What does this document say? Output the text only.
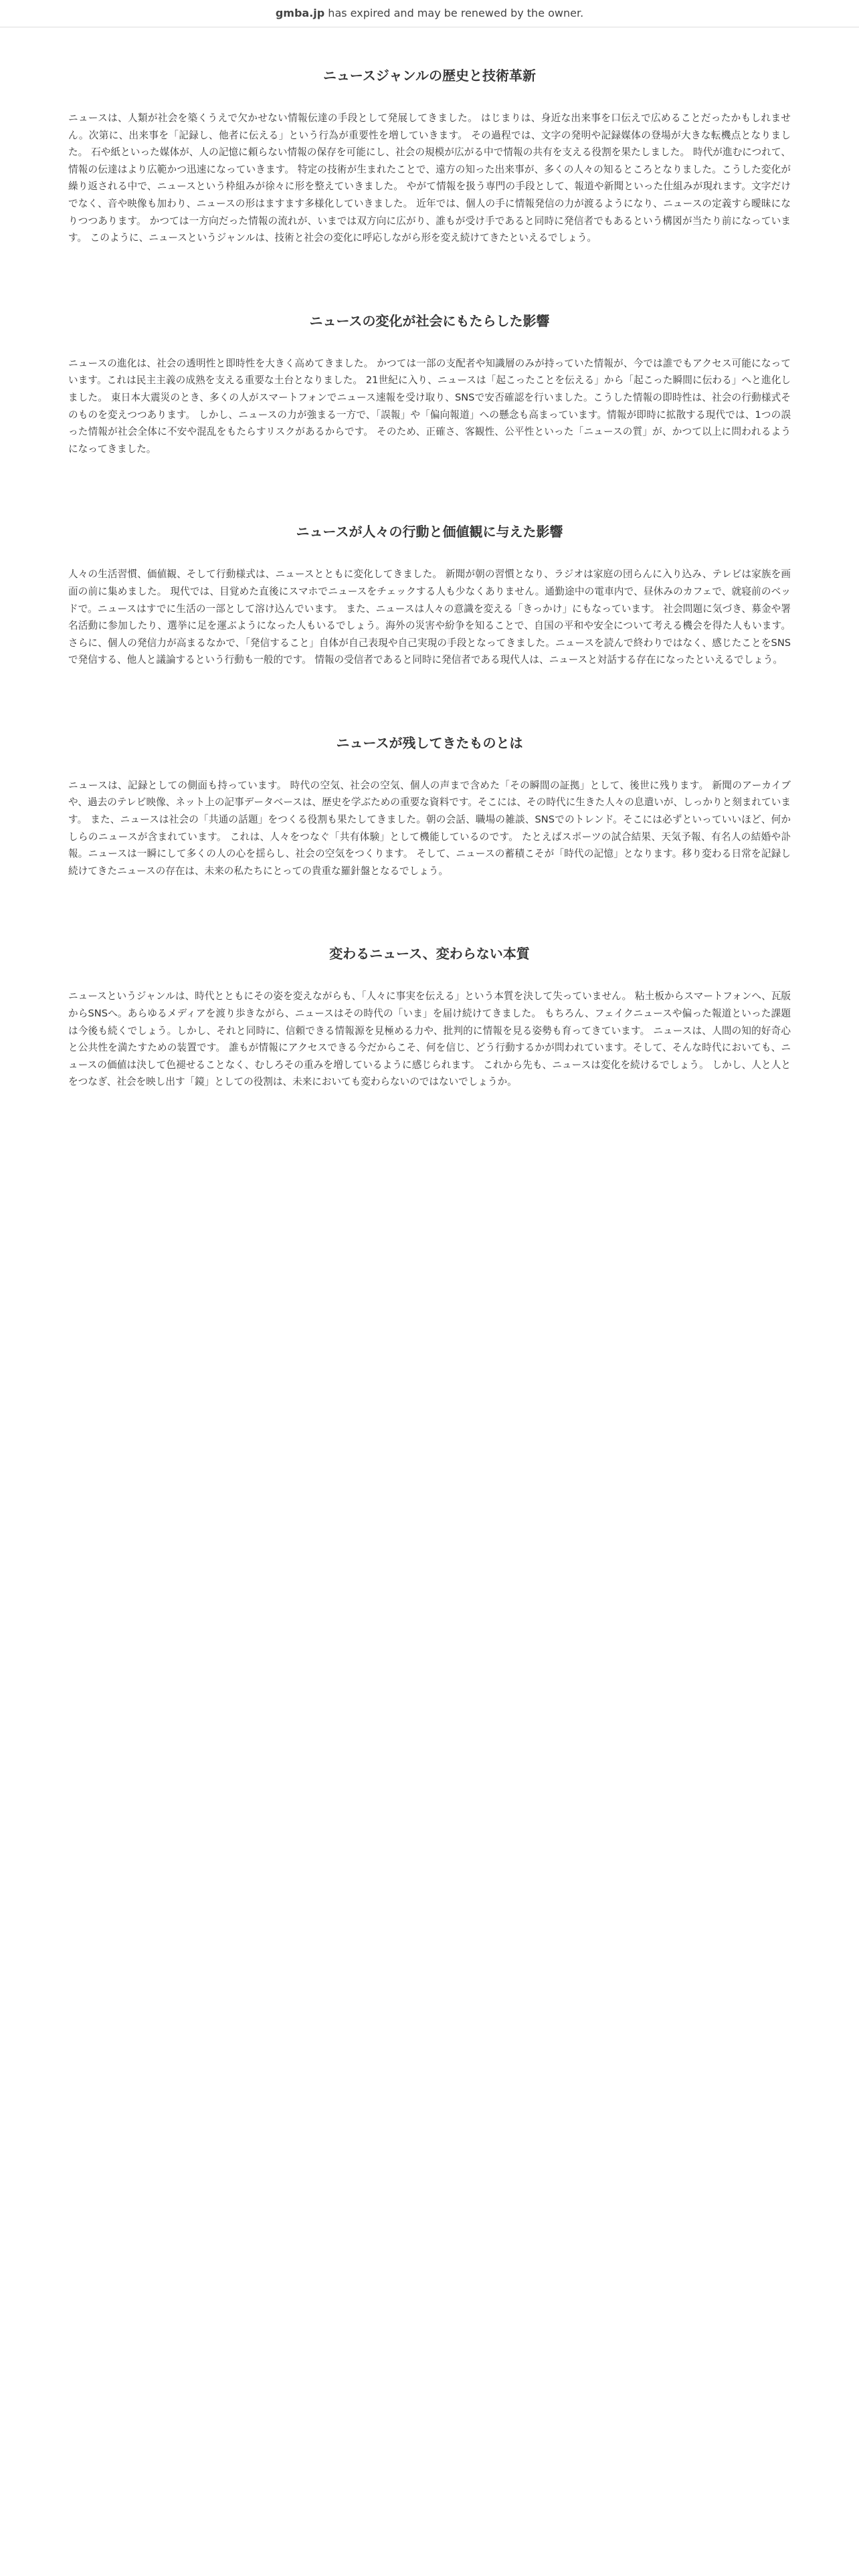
gmba.jp has expired and may be renewed by the owner.
ニュースジャンルの歴史と技術革新

ニュースは、人類が社会を築くうえで欠かせない情報伝達の手段として発展してきました。 はじまりは、身近な出来事を口伝えで広めることだったかもしれません。次第に、出来事を「記録し、他者に伝える」という行為が重要性を増していきます。 その過程では、文字の発明や記録媒体の登場が大きな転機点となりました。 石や紙といった媒体が、人の記憶に頼らない情報の保存を可能にし、社会の規模が広がる中で情報の共有を支える役割を果たしました。 時代が進むにつれて、情報の伝達はより広範かつ迅速になっていきます。 特定の技術が生まれたことで、遠方の知った出来事が、多くの人々の知るところとなりました。こうした変化が繰り返される中で、ニュースという枠組みが徐々に形を整えていきました。 やがて情報を扱う専門の手段として、報道や新聞といった仕組みが現れます。文字だけでなく、音や映像も加わり、ニュースの形はますます多様化していきました。 近年では、個人の手に情報発信の力が渡るようになり、ニュースの定義すら曖昧になりつつあります。 かつては一方向だった情報の流れが、いまでは双方向に広がり、誰もが受け手であると同時に発信者でもあるという構図が当たり前になっています。 このように、ニュースというジャンルは、技術と社会の変化に呼応しながら形を変え続けてきたといえるでしょう。

ニュースの変化が社会にもたらした影響

ニュースの進化は、社会の透明性と即時性を大きく高めてきました。 かつては一部の支配者や知識層のみが持っていた情報が、今では誰でもアクセス可能になっています。これは民主主義の成熟を支える重要な土台となりました。 21世紀に入り、ニュースは「起こったことを伝える」から「起こった瞬間に伝わる」へと進化しました。 東日本大震災のとき、多くの人がスマートフォンでニュース速報を受け取り、SNSで安否確認を行いました。こうした情報の即時性は、社会の行動様式そのものを変えつつあります。 しかし、ニュースの力が強まる一方で、「誤報」や「偏向報道」への懸念も高まっています。情報が即時に拡散する現代では、1つの誤った情報が社会全体に不安や混乱をもたらすリスクがあるからです。 そのため、正確さ、客観性、公平性といった「ニュースの質」が、かつて以上に問われるようになってきました。

ニュースが人々の行動と価値観に与えた影響

人々の生活習慣、価値観、そして行動様式は、ニュースとともに変化してきました。 新聞が朝の習慣となり、ラジオは家庭の団らんに入り込み、テレビは家族を画面の前に集めました。 現代では、目覚めた直後にスマホでニュースをチェックする人も少なくありません。通勤途中の電車内で、昼休みのカフェで、就寝前のベッドで。ニュースはすでに生活の一部として溶け込んでいます。 また、ニュースは人々の意識を変える「きっかけ」にもなっています。 社会問題に気づき、募金や署名活動に参加したり、選挙に足を運ぶようになった人もいるでしょう。海外の災害や紛争を知ることで、自国の平和や安全について考える機会を得た人もいます。 さらに、個人の発信力が高まるなかで、「発信すること」自体が自己表現や自己実現の手段となってきました。ニュースを読んで終わりではなく、感じたことをSNSで発信する、他人と議論するという行動も一般的です。 情報の受信者であると同時に発信者である現代人は、ニュースと対話する存在になったといえるでしょう。

ニュースが残してきたものとは

ニュースは、記録としての側面も持っています。 時代の空気、社会の空気、個人の声まで含めた「その瞬間の証拠」として、後世に残ります。 新聞のアーカイブや、過去のテレビ映像、ネット上の記事データベースは、歴史を学ぶための重要な資料です。そこには、その時代に生きた人々の息遣いが、しっかりと刻まれています。 また、ニュースは社会の「共通の話題」をつくる役割も果たしてきました。朝の会話、職場の雑談、SNSでのトレンド。そこには必ずといっていいほど、何かしらのニュースが含まれています。 これは、人々をつなぐ「共有体験」として機能しているのです。 たとえばスポーツの試合結果、天気予報、有名人の結婚や訃報。ニュースは一瞬にして多くの人の心を揺らし、社会の空気をつくります。 そして、ニュースの蓄積こそが「時代の記憶」となります。移り変わる日常を記録し続けてきたニュースの存在は、未来の私たちにとっての貴重な羅針盤となるでしょう。

変わるニュース、変わらない本質

ニュースというジャンルは、時代とともにその姿を変えながらも、「人々に事実を伝える」という本質を決して失っていません。 粘土板からスマートフォンへ、瓦版からSNSへ。あらゆるメディアを渡り歩きながら、ニュースはその時代の「いま」を届け続けてきました。 もちろん、フェイクニュースや偏った報道といった課題は今後も続くでしょう。しかし、それと同時に、信頼できる情報源を見極める力や、批判的に情報を見る姿勢も育ってきています。 ニュースは、人間の知的好奇心と公共性を満たすための装置です。 誰もが情報にアクセスできる今だからこそ、何を信じ、どう行動するかが問われています。そして、そんな時代においても、ニュースの価値は決して色褪せることなく、むしろその重みを増しているように感じられます。 これから先も、ニュースは変化を続けるでしょう。 しかし、人と人とをつなぎ、社会を映し出す「鏡」としての役割は、未来においても変わらないのではないでしょうか。
